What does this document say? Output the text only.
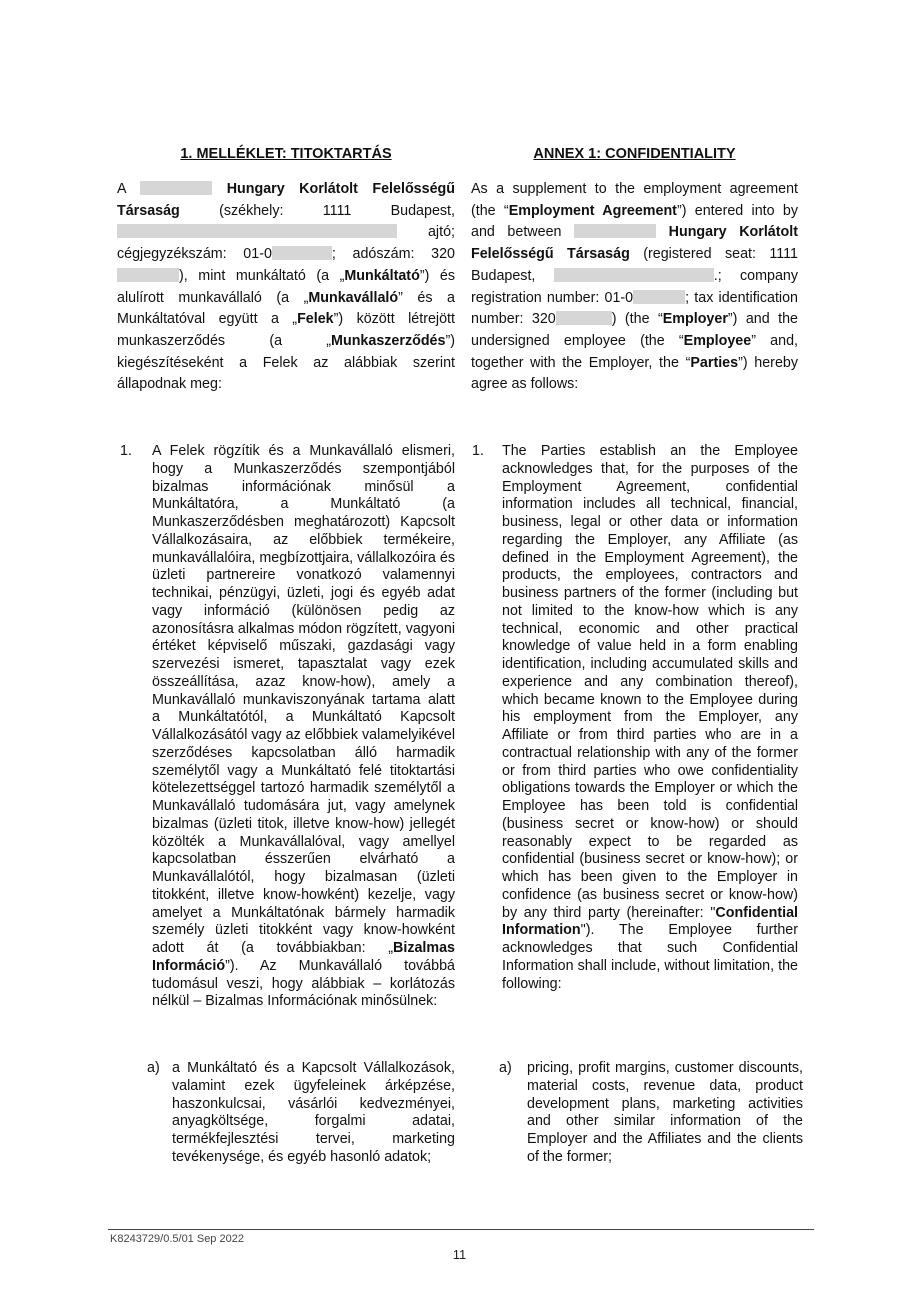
1. MELLÉKLET: TITOKTARTÁS
A	Hungary Korlátolt Felelősségű Társaság	(székhely: 1111 Budapest,  ajtó; cégjegyzékszám: 01-0	; adószám: 320), mint munkáltató (a „Munkáltató”) és alulírott munkavállaló (a „Munkavállaló” és a Munkáltatóval együtt a „Felek”) között létrejött munkaszerződés (a „Munkaszerződés”) kiegészítéseként a Felek az alábbiak szerint állapodnak meg:
1. A Felek rögzítik és a Munkavállaló elismeri, hogy a Munkaszerződés szempontjából bizalmas információnak minősül a Munkáltatóra, a Munkáltató (a Munkaszerződésben meghatározott) Kapcsolt Vállalkozásaira, az előbbiek termékeire, munkavállalóira, megbízottjaira, vállalkozóira és üzleti partnereire vonatkozó valamennyi technikai, pénzügyi, üzleti, jogi és egyéb adat vagy információ (különösen pedig az azonosításra alkalmas módon rögzített, vagyoni értéket képviselő műszaki, gazdasági vagy szervezési ismeret, tapasztalat vagy ezek összeállítása, azaz know-how), amely a Munkavállaló munkaviszonyának tartama alatt a Munkáltatótól, a Munkáltató Kapcsolt Vállalkozásától vagy az előbbiek valamelyikével szerződéses kapcsolatban álló harmadik személytől vagy a Munkáltató felé titoktartási kötelezettséggel tartozó harmadik személytől a Munkavállaló tudomására jut, vagy amelynek bizalmas (üzleti titok, illetve know-how) jellegét közölték a Munkavállalóval, vagy amellyel kapcsolatban ésszerűen elvárható a Munkavállalótól, hogy bizalmasan (üzleti titokként, illetve know-howként) kezelje, vagy amelyet a Munkáltatónak bármely harmadik személy üzleti titokként vagy know-howként adott át (a továbbiakban: „Bizalmas Információ”). Az Munkavállaló továbbá tudomásul veszi, hogy alábbiak – korlátozás nélkül – Bizalmas Információnak minősülnek:
a) a Munkáltató és a Kapcsolt Vállalkozások, valamint ezek ügyfeleinek árképzése, haszonkulcsai, vásárlói kedvezményei, anyagköltsége, forgalmi adatai, termékfejlesztési tervei, marketing tevékenysége, és egyéb hasonló adatok;
ANNEX 1: CONFIDENTIALITY
As a supplement to the employment agreement (the “Employment Agreement”) entered into by and between	Hungary Korlátolt Felelősségű Társaság (registered seat: 1111 Budapest,	.; company registration number: 01-0	; tax identification number: 320	) (the “Employer”) and the undersigned employee (the “Employee” and, together with the Employer, the “Parties”) hereby agree as follows:
1. The Parties establish an the Employee acknowledges that, for the purposes of the Employment Agreement, confidential information includes all technical, financial, business, legal or other data or information regarding the Employer, any Affiliate (as defined in the Employment Agreement), the products, the employees, contractors and business partners of the former (including but not limited to the know-how which is any technical, economic and other practical knowledge of value held in a form enabling identification, including accumulated skills and experience and any combination thereof), which became known to the Employee during his employment from the Employer, any Affiliate or from third parties who are in a contractual relationship with any of the former or from third parties who owe confidentiality obligations towards the Employer or which the Employee has been told is confidential (business secret or know-how) or should reasonably expect to be regarded as confidential (business secret or know-how); or which has been given to the Employer in confidence (as business secret or know-how) by any third party (hereinafter: "Confidential Information"). The Employee further acknowledges that such Confidential Information shall include, without limitation, the following:
a) pricing, profit margins, customer discounts, material costs, revenue data, product development plans, marketing activities and other similar information of the Employer and the Affiliates and the clients of the former;
K8243729/0.5/01 Sep 2022
11
